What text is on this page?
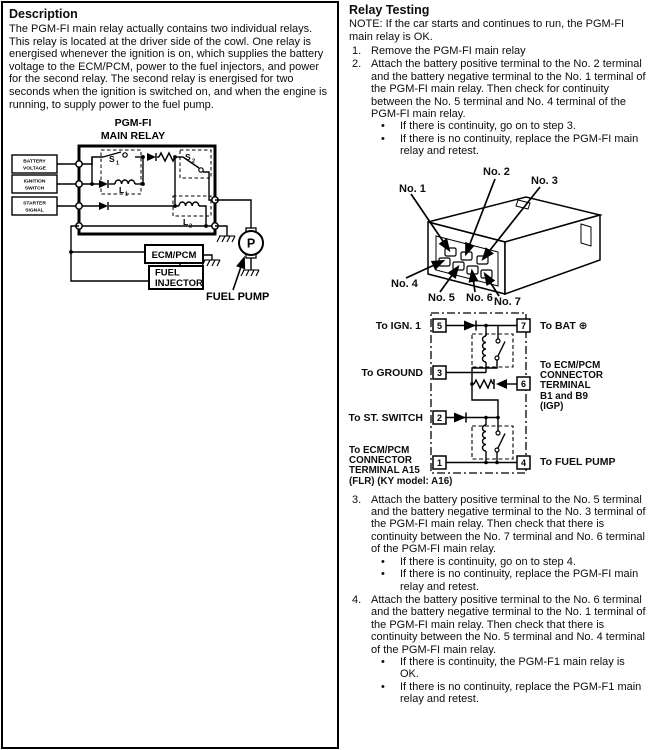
Description

The PGM-FI main relay actually contains two individual relays. This relay is located at the driver side of the cowl. One relay is energised whenever the ignition is on, which supplies the battery voltage to the ECM/PCM, power to the fuel injectors, and power for the second relay. The second relay is energised for two seconds when the ignition is switched on, and when the engine is running, to supply power to the fuel pump.

PGM-FI
MAIN RELAY
BATTERY
VOLTAGE
IGNITION
SWITCH
STARTER
SIGNAL
S 1
S 2
L 1
L 2
ECM/PCM
FUEL
INJECTOR
P
FUEL PUMP
Relay Testing

NOTE: If the car starts and continues to run, the PGM-FI main relay is OK.

1. Remove the PGM-FI main relay
2. Attach the battery positive terminal to the No. 2 terminal and the battery negative terminal to the No. 1 terminal of the PGM-FI main relay. Then check for continuity between the No. 5 terminal and No. 4 terminal of the PGM-FI main relay.
•	If there is continuity, go on to step 3.
•	If there is no continuity, replace the PGM-FI main relay and retest.
No. 1
No. 2
No. 3
No. 4
No. 5 No. 6 No. 7
5
3
2
1
7
6
4
To IGN. 1
To GROUND
To ST. SWITCH
To ECM/PCM
CONNECTOR
TERMINAL A15
(FLR) (KY model: A16)
To BAT ⊕
To ECM/PCM
CONNECTOR
TERMINAL
B1 and B9
(IGP)
To FUEL PUMP
3. Attach the battery positive terminal to the No. 5 terminal and the battery negative terminal to the No. 3 terminal of the PGM-FI main relay. Then check that there is continuity between the No. 7 terminal and No. 6 terminal of the PGM-FI main relay.
•	If there is continuity, go on to step 4.
•	If there is no continuity, replace the PGM-FI main relay and retest.
4. Attach the battery positive terminal to the No. 6 terminal and the battery negative terminal to the No. 1 terminal of the PGM-FI main relay. Then check that there is continuity between the No. 5 terminal and No. 4 terminal of the PGM-FI main relay.
•	If there is continuity, the PGM-F1 main relay is OK.
•	If there is no continuity, replace the PGM-F1 main relay and retest.
